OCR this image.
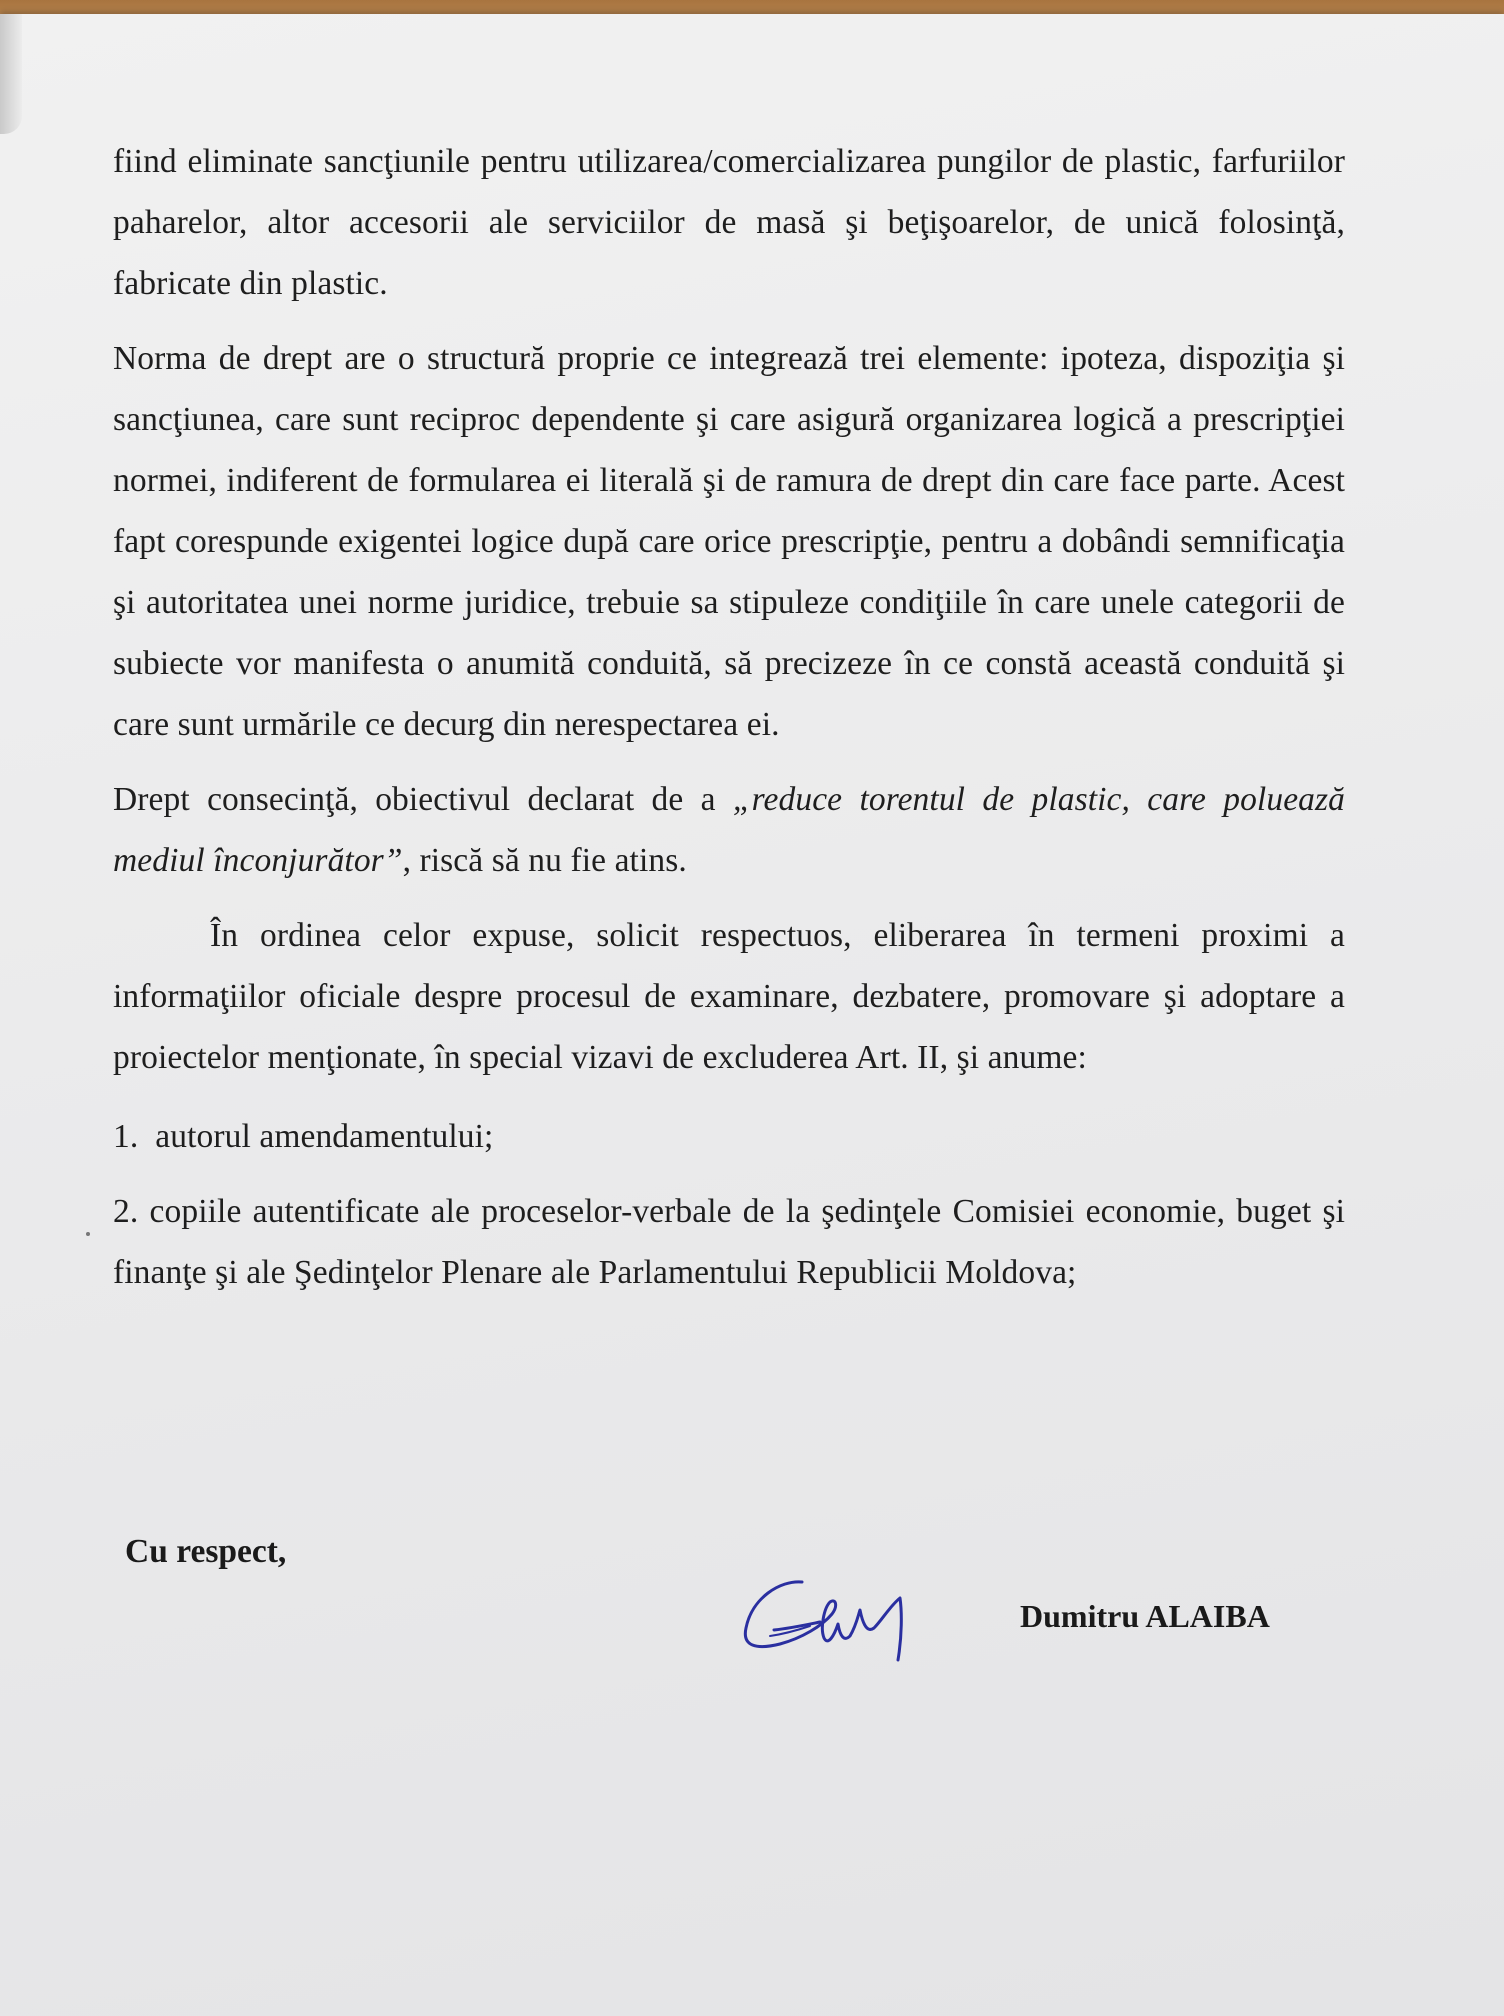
fiind eliminate sancţiunile pentru utilizarea/comercializarea pungilor de plastic, farfuriilor paharelor, altor accesorii ale serviciilor de masă şi beţişoarelor, de unică folosinţă, fabricate din plastic.

Norma de drept are o structură proprie ce integrează trei elemente: ipoteza, dispoziţia şi sancţiunea, care sunt reciproc dependente şi care asigură organizarea logică a prescripţiei normei, indiferent de formularea ei literală şi de ramura de drept din care face parte. Acest fapt corespunde exigentei logice după care orice prescripţie, pentru a dobândi semnificaţia şi autoritatea unei norme juridice, trebuie sa stipuleze condiţiile în care unele categorii de subiecte vor manifesta o anumită conduită, să precizeze în ce constă această conduită şi care sunt urmările ce decurg din nerespectarea ei.

Drept consecinţă, obiectivul declarat de a „reduce torentul de plastic, care poluează mediul înconjurător”, riscă să nu fie atins.

În ordinea celor expuse, solicit respectuos, eliberarea în termeni proximi a informaţiilor oficiale despre procesul de examinare, dezbatere, promovare şi adoptare a proiectelor menţionate, în special vizavi de excluderea Art. II, şi anume:

1. autorul amendamentului;

2. copiile autentificate ale proceselor-verbale de la şedinţele Comisiei economie, buget şi finanţe şi ale Şedinţelor Plenare ale Parlamentului Republicii Moldova;

Cu respect,
Dumitru ALAIBA
